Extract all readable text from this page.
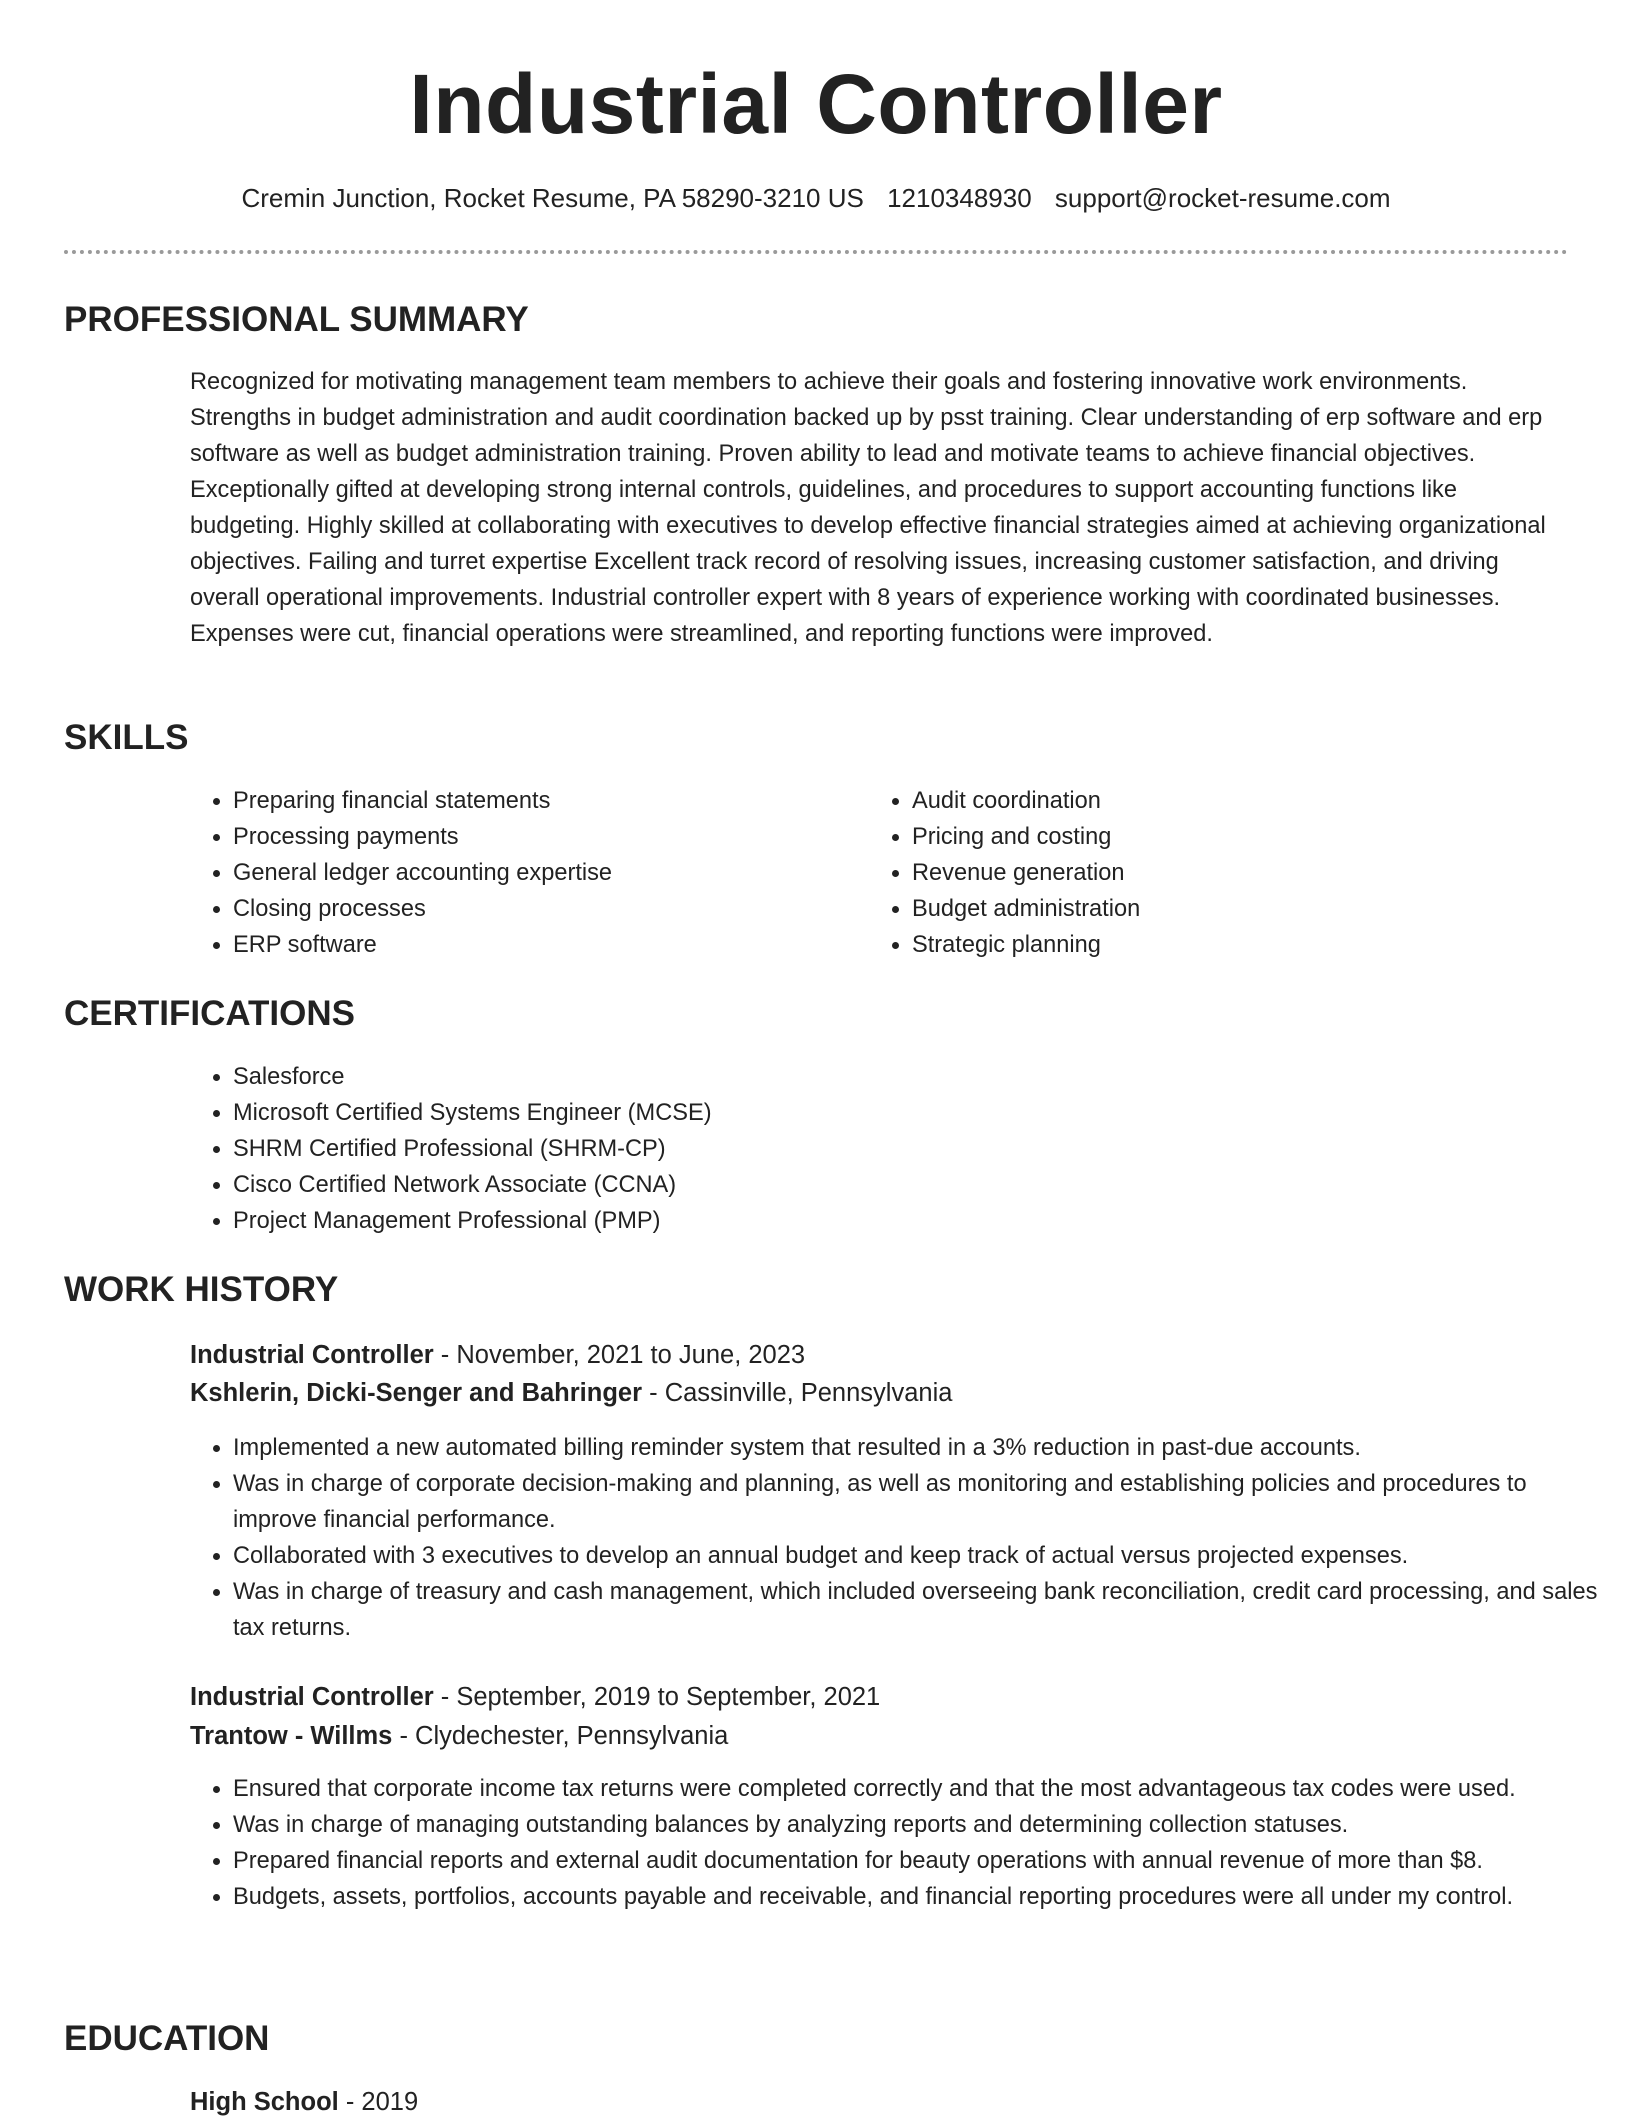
Industrial Controller
Cremin Junction, Rocket Resume, PA 58290-3210 US 1210348930 support@rocket-resume.com
PROFESSIONAL SUMMARY

Recognized for motivating management team members to achieve their goals and fostering innovative work environments. Strengths in budget administration and audit coordination backed up by psst training. Clear understanding of erp software and erp software as well as budget administration training. Proven ability to lead and motivate teams to achieve financial objectives. Exceptionally gifted at developing strong internal controls, guidelines, and procedures to support accounting functions like budgeting. Highly skilled at collaborating with executives to develop effective financial strategies aimed at achieving organizational objectives. Failing and turret expertise Excellent track record of resolving issues, increasing customer satisfaction, and driving overall operational improvements. Industrial controller expert with 8 years of experience working with coordinated businesses. Expenses were cut, financial operations were streamlined, and reporting functions were improved.

SKILLS
• Preparing financial statements
• Processing payments
• General ledger accounting expertise
• Closing processes
• ERP software
• Audit coordination
• Pricing and costing
• Revenue generation
• Budget administration
• Strategic planning
CERTIFICATIONS
• Salesforce
• Microsoft Certified Systems Engineer (MCSE)
• SHRM Certified Professional (SHRM-CP)
• Cisco Certified Network Associate (CCNA)
• Project Management Professional (PMP)
WORK HISTORY
Industrial Controller - November, 2021 to June, 2023
Kshlerin, Dicki-Senger and Bahringer - Cassinville, Pennsylvania
• Implemented a new automated billing reminder system that resulted in a 3% reduction in past-due accounts.
• Was in charge of corporate decision-making and planning, as well as monitoring and establishing policies and procedures to improve financial performance.
• Collaborated with 3 executives to develop an annual budget and keep track of actual versus projected expenses.
• Was in charge of treasury and cash management, which included overseeing bank reconciliation, credit card processing, and sales tax returns.
Industrial Controller - September, 2019 to September, 2021
Trantow - Willms - Clydechester, Pennsylvania
• Ensured that corporate income tax returns were completed correctly and that the most advantageous tax codes were used.
• Was in charge of managing outstanding balances by analyzing reports and determining collection statuses.
• Prepared financial reports and external audit documentation for beauty operations with annual revenue of more than $8.
• Budgets, assets, portfolios, accounts payable and receivable, and financial reporting procedures were all under my control.
EDUCATION
High School - 2019
